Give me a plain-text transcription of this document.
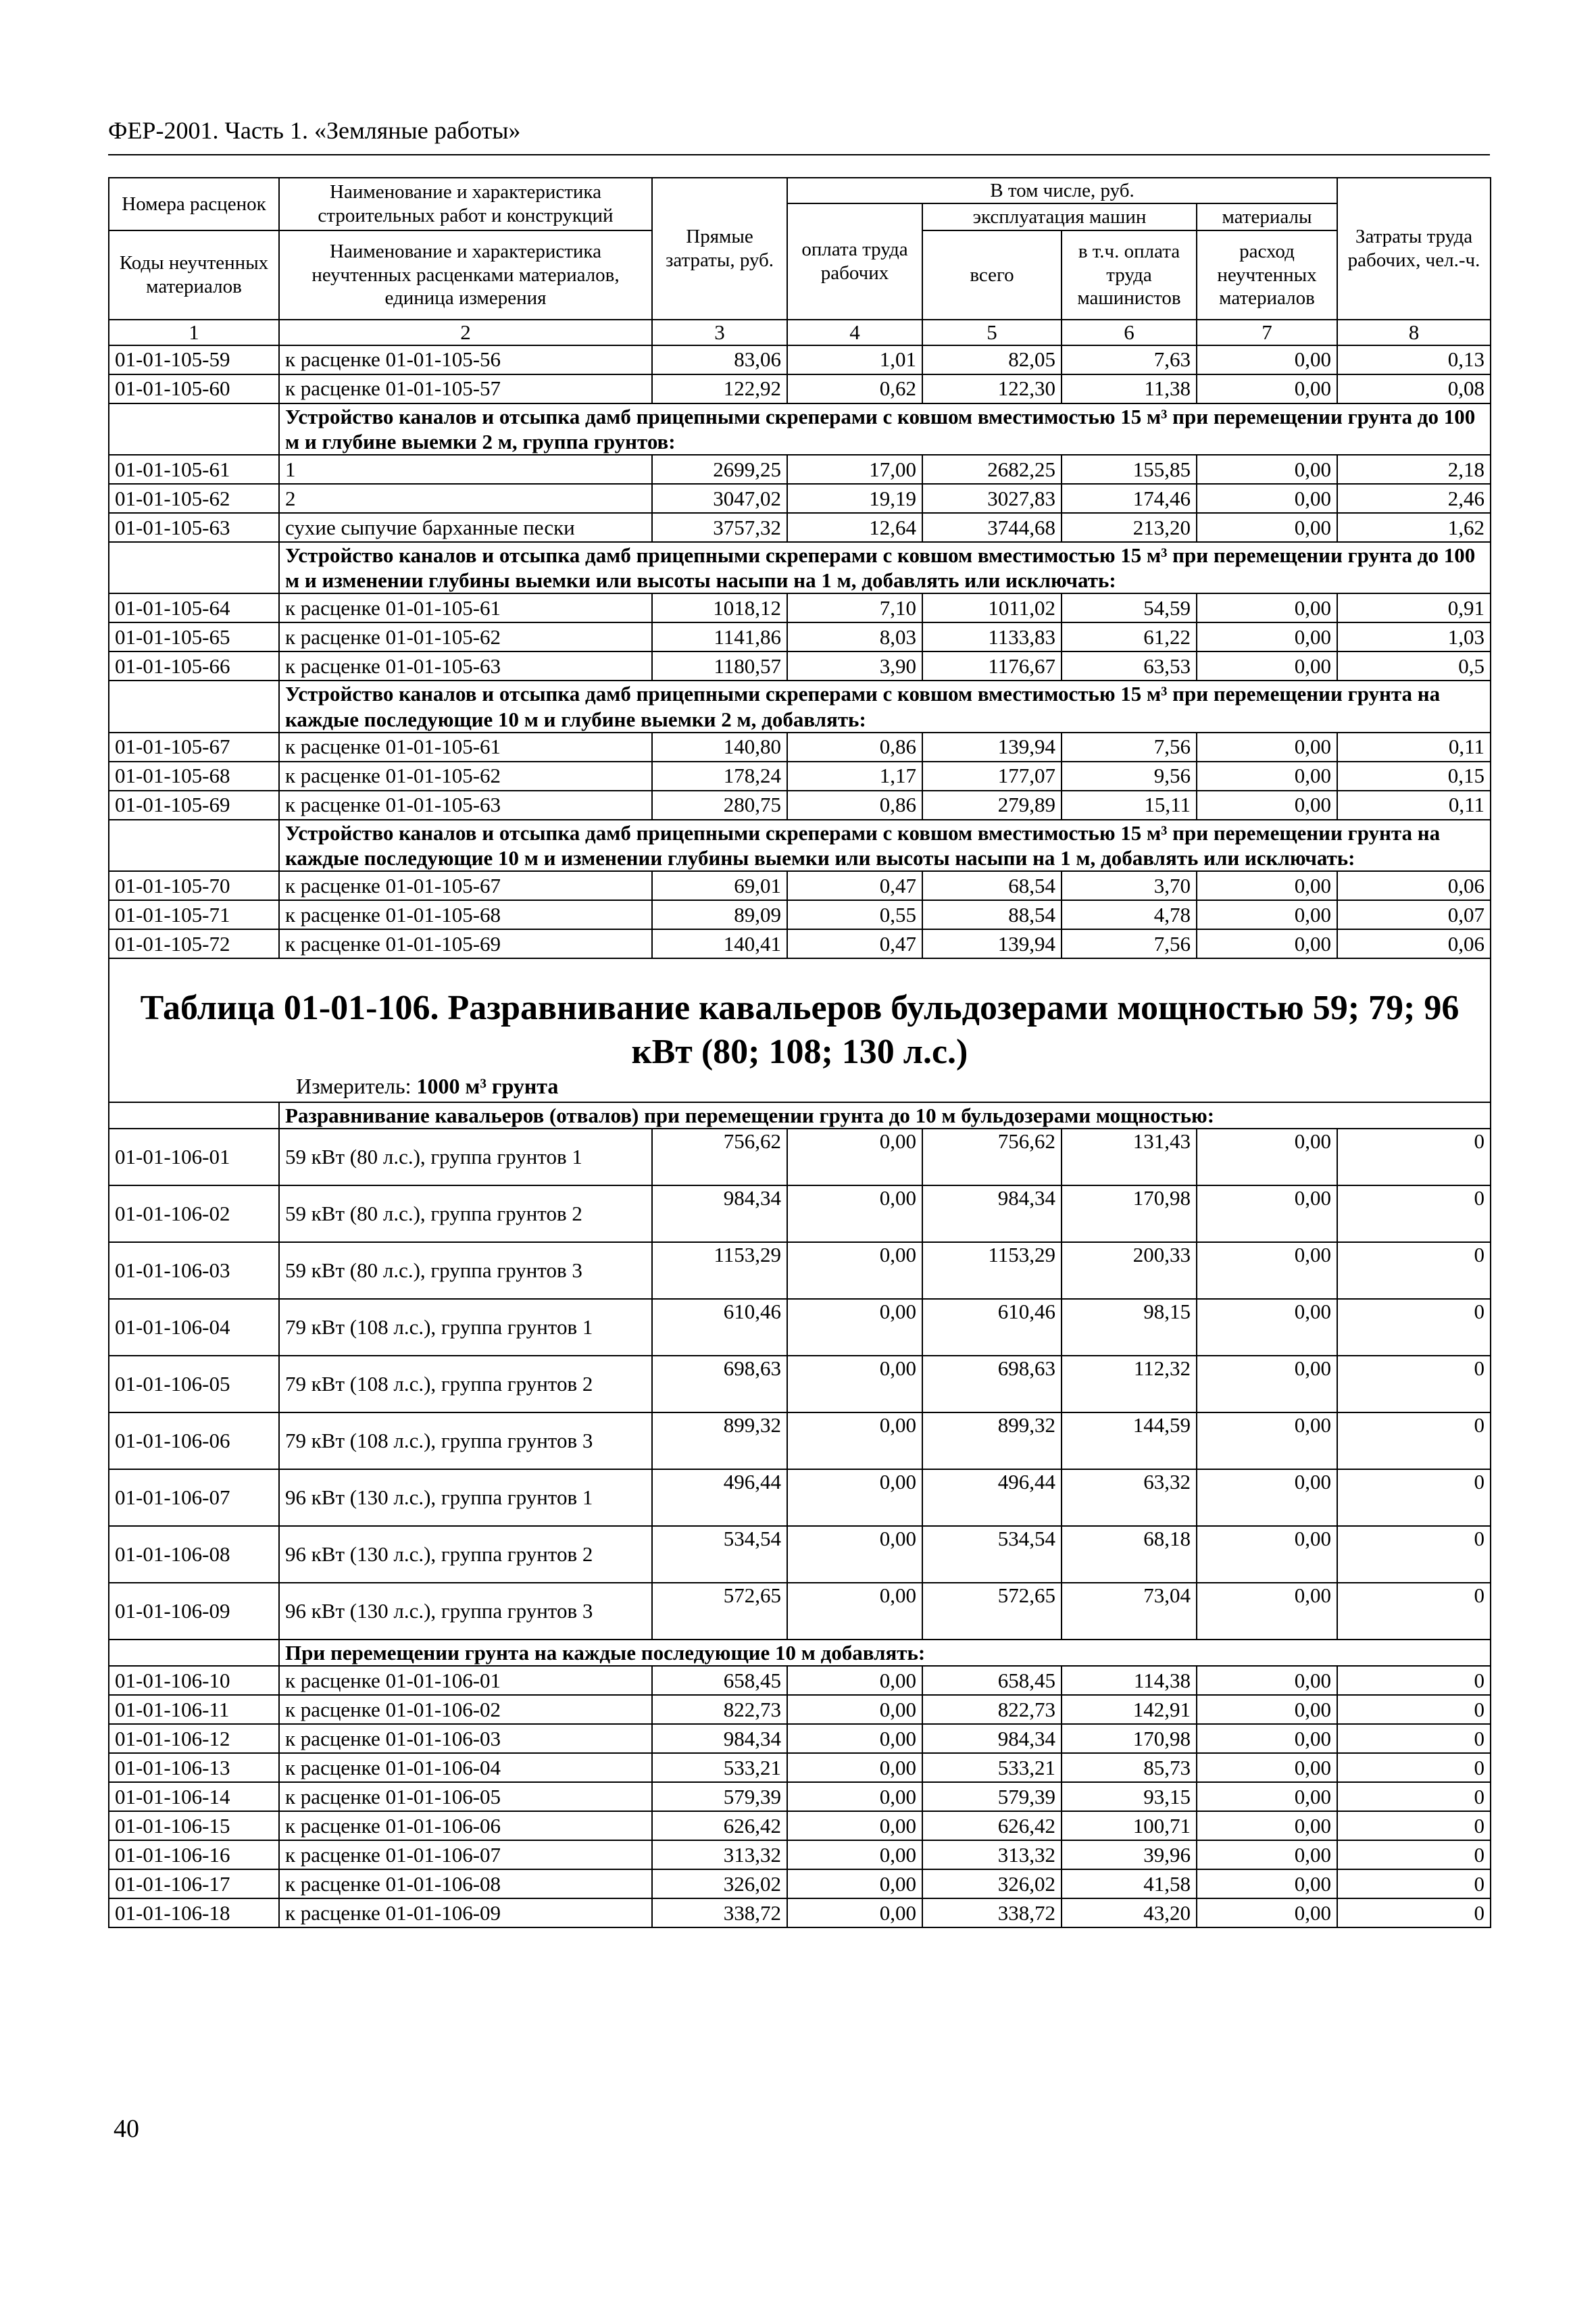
ФЕР-2001. Часть 1. «Земляные работы»
Номера расценок	Наименование и характеристика строительных работ и конструкций	Прямые затраты, руб.	В том числе, руб.				Затраты труда рабочих, чел.-ч.
			оплата труда рабочих	эксплуатация машин		материалы	
Коды неучтенных материалов	Наименование и характеристика неучтенных расценками материалов, единица измерения			всего	в т.ч. оплата труда машинистов	расход неучтенных материалов	
1	2	3	4	5	6	7	8
01-01-105-59	к расценке 01-01-105-56	83,06	1,01	82,05	7,63	0,00	0,13
01-01-105-60	к расценке 01-01-105-57	122,92	0,62	122,30	11,38	0,00	0,08
	Устройство каналов и отсыпка дамб прицепными скреперами с ковшом вместимостью 15 м³ при перемещении грунта до 100 м и глубине выемки 2 м, группа грунтов:						
01-01-105-61	1	2699,25	17,00	2682,25	155,85	0,00	2,18
01-01-105-62	2	3047,02	19,19	3027,83	174,46	0,00	2,46
01-01-105-63	сухие сыпучие барханные пески	3757,32	12,64	3744,68	213,20	0,00	1,62
	Устройство каналов и отсыпка дамб прицепными скреперами с ковшом вместимостью 15 м³ при перемещении грунта до 100 м и изменении глубины выемки или высоты насыпи на 1 м, добавлять или исключать:						
01-01-105-64	к расценке 01-01-105-61	1018,12	7,10	1011,02	54,59	0,00	0,91
01-01-105-65	к расценке 01-01-105-62	1141,86	8,03	1133,83	61,22	0,00	1,03
01-01-105-66	к расценке 01-01-105-63	1180,57	3,90	1176,67	63,53	0,00	0,5
	Устройство каналов и отсыпка дамб прицепными скреперами с ковшом вместимостью 15 м³ при перемещении грунта на каждые последующие 10 м и глубине выемки 2 м, добавлять:						
01-01-105-67	к расценке 01-01-105-61	140,80	0,86	139,94	7,56	0,00	0,11
01-01-105-68	к расценке 01-01-105-62	178,24	1,17	177,07	9,56	0,00	0,15
01-01-105-69	к расценке 01-01-105-63	280,75	0,86	279,89	15,11	0,00	0,11
	Устройство каналов и отсыпка дамб прицепными скреперами с ковшом вместимостью 15 м³ при перемещении грунта на каждые последующие 10 м и изменении глубины выемки или высоты насыпи на 1 м, добавлять или исключать:						
01-01-105-70	к расценке 01-01-105-67	69,01	0,47	68,54	3,70	0,00	0,06
01-01-105-71	к расценке 01-01-105-68	89,09	0,55	88,54	4,78	0,00	0,07
01-01-105-72	к расценке 01-01-105-69	140,41	0,47	139,94	7,56	0,00	0,06

Таблица 01-01-106. Разравнивание кавальеров бульдозерами мощностью 59; 79; 96 кВт (80; 108; 130 л.с.)
Измеритель: 1000 м³ грунта							

	Разравнивание кавальеров (отвалов) при перемещении грунта до 10 м бульдозерами мощностью:						
01-01-106-01	59 кВт (80 л.с.), группа грунтов 1	756,62	0,00	756,62	131,43	0,00	0
01-01-106-02	59 кВт (80 л.с.), группа грунтов 2	984,34	0,00	984,34	170,98	0,00	0
01-01-106-03	59 кВт (80 л.с.), группа грунтов 3	1153,29	0,00	1153,29	200,33	0,00	0
01-01-106-04	79 кВт (108 л.с.), группа грунтов 1	610,46	0,00	610,46	98,15	0,00	0
01-01-106-05	79 кВт (108 л.с.), группа грунтов 2	698,63	0,00	698,63	112,32	0,00	0
01-01-106-06	79 кВт (108 л.с.), группа грунтов 3	899,32	0,00	899,32	144,59	0,00	0
01-01-106-07	96 кВт (130 л.с.), группа грунтов 1	496,44	0,00	496,44	63,32	0,00	0
01-01-106-08	96 кВт (130 л.с.), группа грунтов 2	534,54	0,00	534,54	68,18	0,00	0
01-01-106-09	96 кВт (130 л.с.), группа грунтов 3	572,65	0,00	572,65	73,04	0,00	0
	При перемещении грунта на каждые последующие 10 м добавлять:						
01-01-106-10	к расценке 01-01-106-01	658,45	0,00	658,45	114,38	0,00	0
01-01-106-11	к расценке 01-01-106-02	822,73	0,00	822,73	142,91	0,00	0
01-01-106-12	к расценке 01-01-106-03	984,34	0,00	984,34	170,98	0,00	0
01-01-106-13	к расценке 01-01-106-04	533,21	0,00	533,21	85,73	0,00	0
01-01-106-14	к расценке 01-01-106-05	579,39	0,00	579,39	93,15	0,00	0
01-01-106-15	к расценке 01-01-106-06	626,42	0,00	626,42	100,71	0,00	0
01-01-106-16	к расценке 01-01-106-07	313,32	0,00	313,32	39,96	0,00	0
01-01-106-17	к расценке 01-01-106-08	326,02	0,00	326,02	41,58	0,00	0
01-01-106-18	к расценке 01-01-106-09	338,72	0,00	338,72	43,20	0,00	0
40
